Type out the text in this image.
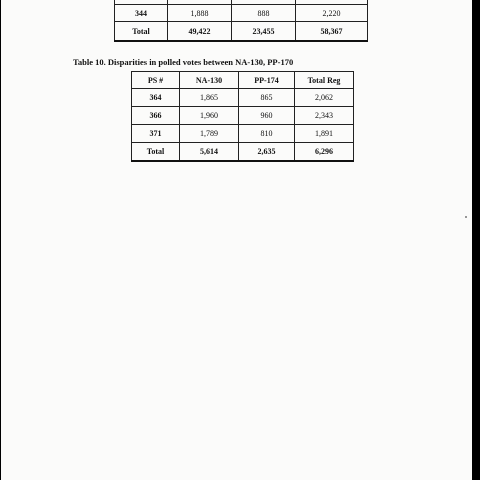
344	1,888	888	2,220
Total	49,422	23,455	58,367
Table 10. Disparities in polled votes between NA-130, PP-170
PS #	NA-130	PP-174	Total Reg
364	1,865	865	2,062
366	1,960	960	2,343
371	1,789	810	1,891
Total	5,614	2,635	6,296
